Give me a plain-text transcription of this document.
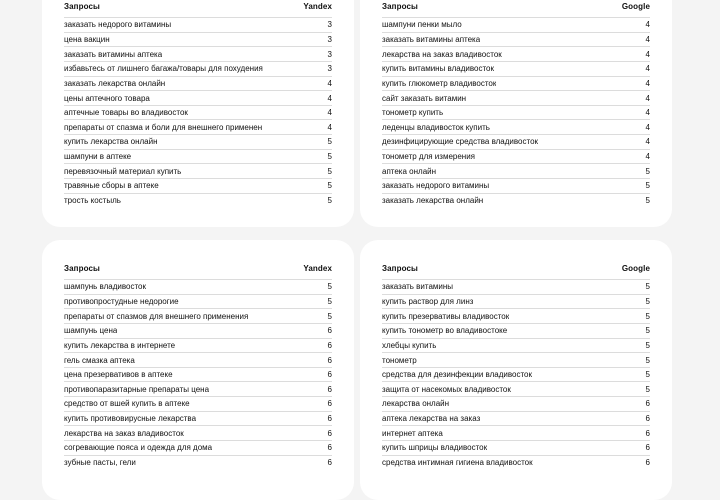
Запросы	Yandex
заказать недорого витамины	3
цена вакцин	3
заказать витамины аптека	3
избавьтесь от лишнего багажа/товары для похудения	3
заказать лекарства онлайн	4
цены аптечного товара	4
аптечные товары во владивосток	4
препараты от спазма и боли для внешнего применен	4
купить лекарства онлайн	5
шампуни в аптеке	5
перевязочный материал купить	5
травяные сборы в аптеке	5
трость костыль	5
Запросы	Google
шампуни пенки мыло	4
заказать витамины аптека	4
лекарства на заказ владивосток	4
купить витамины владивосток	4
купить глюкометр владивосток	4
сайт заказать витамин	4
тонометр купить	4
леденцы владивосток купить	4
дезинфицирующие средства владивосток	4
тонометр для измерения	4
аптека онлайн	5
заказать недорого витамины	5
заказать лекарства онлайн	5
Запросы	Yandex
шампунь владивосток	5
противопростудные недорогие	5
препараты от спазмов для внешнего применения	5
шампунь цена	6
купить лекарства в интернете	6
гель смазка аптека	6
цена презервативов в аптеке	6
противопаразитарные препараты цена	6
средство от вшей купить в аптеке	6
купить противовирусные лекарства	6
лекарства на заказ владивосток	6
согревающие пояса и одежда для дома	6
зубные пасты, гели	6
Запросы	Google
заказать витамины	5
купить раствор для линз	5
купить презервативы владивосток	5
купить тонометр во владивостоке	5
хлебцы купить	5
тонометр	5
средства для дезинфекции владивосток	5
защита от насекомых владивосток	5
лекарства онлайн	6
аптека лекарства на заказ	6
интернет аптека	6
купить шприцы владивосток	6
средства интимная гигиена владивосток	6
